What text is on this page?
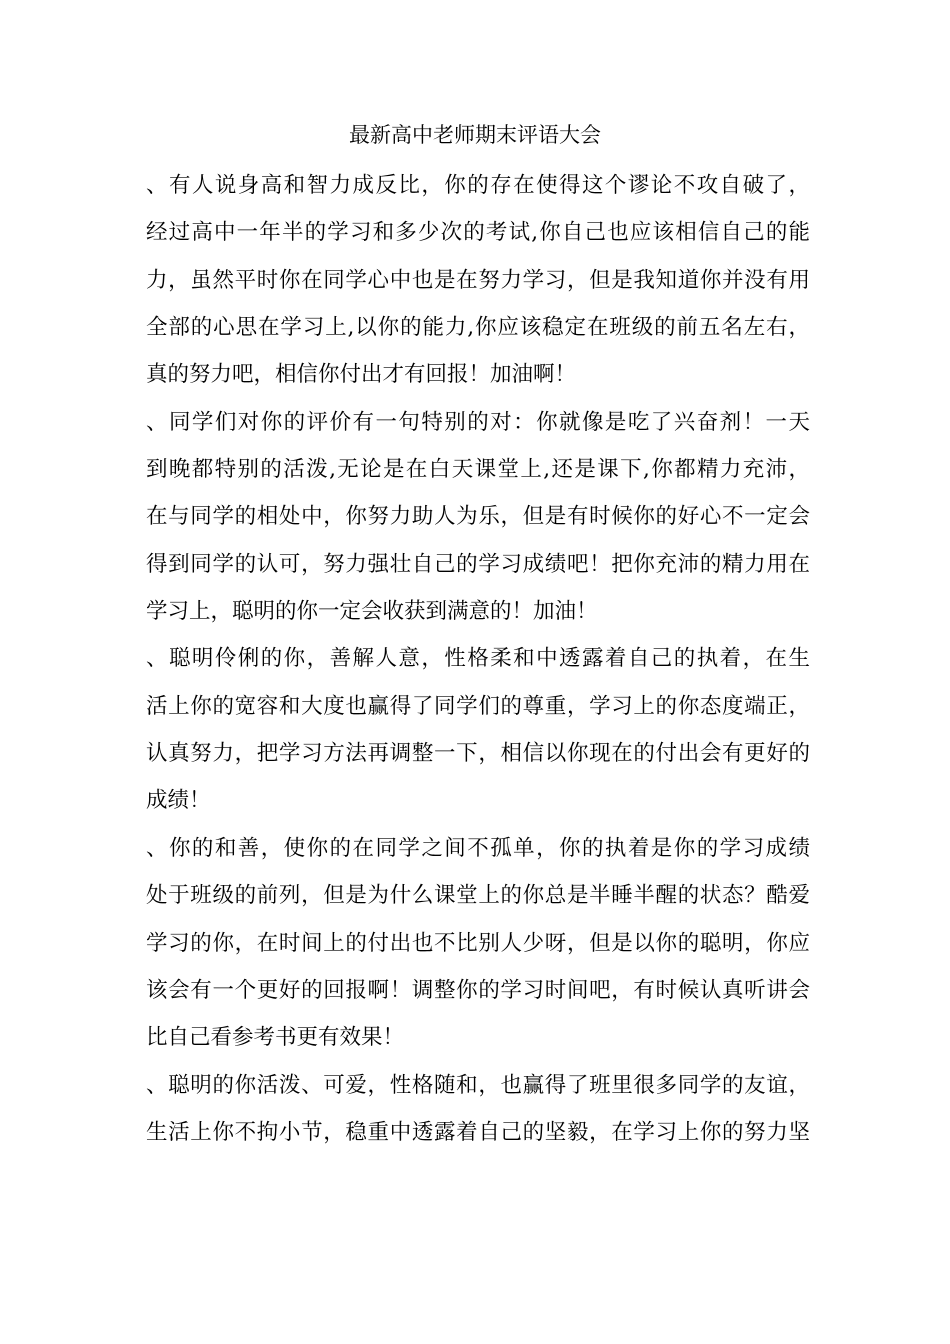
最新高中老师期末评语大会
、有人说身高和智力成反比，你的存在使得这个谬论不攻自破了，
经过高中一年半的学习和多少次的考试,你自己也应该相信自己的能
力，虽然平时你在同学心中也是在努力学习，但是我知道你并没有用
全部的心思在学习上,以你的能力,你应该稳定在班级的前五名左右，
真的努力吧，相信你付出才有回报！加油啊！
、同学们对你的评价有一句特别的对：你就像是吃了兴奋剂！一天
到晚都特别的活泼,无论是在白天课堂上,还是课下,你都精力充沛，
在与同学的相处中，你努力助人为乐，但是有时候你的好心不一定会
得到同学的认可，努力强壮自己的学习成绩吧！把你充沛的精力用在
学习上，聪明的你一定会收获到满意的！加油！
、聪明伶俐的你，善解人意，性格柔和中透露着自己的执着，在生
活上你的宽容和大度也赢得了同学们的尊重，学习上的你态度端正，
认真努力，把学习方法再调整一下，相信以你现在的付出会有更好的
成绩！
、你的和善，使你的在同学之间不孤单，你的执着是你的学习成绩
处于班级的前列，但是为什么课堂上的你总是半睡半醒的状态？酷爱
学习的你，在时间上的付出也不比别人少呀，但是以你的聪明，你应
该会有一个更好的回报啊！调整你的学习时间吧，有时候认真听讲会
比自己看参考书更有效果！
、聪明的你活泼、可爱，性格随和，也赢得了班里很多同学的友谊，
生活上你不拘小节，稳重中透露着自己的坚毅，在学习上你的努力坚
